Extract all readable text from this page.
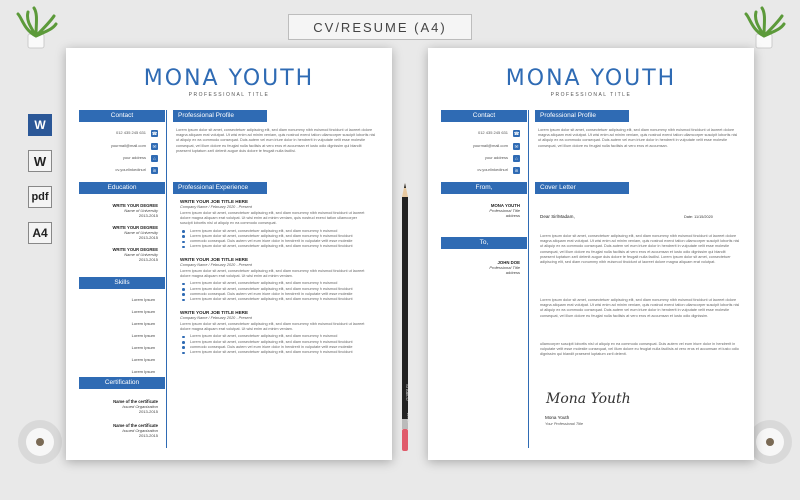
CV/RESUME (A4)
W
W
pdf
A4
MONA YOUTH
PROFESSIONAL TITLE
Contact	Professional Profile
012 435 245 631 ☎
yourmail@mail.com	✉
your address	⌂
cv.yourlinkedinurl	in
Lorem ipsum dolor sit amet, consectetuer adipiscing elit, sed diam nonummy nibh euismod tincidunt ut laoreet dolore magna aliquam erat volutpat. Ut wisi enim ad minim veniam, quis nostrud exerci tation ullamcorper suscipit lobortis nisl ut aliquip ex ea commodo consequat. Duis autem vel eum iriure dolor in hendrerit in vulputate velit esse molestie consequat, vel illum dolore eu feugiat nulla facilisis at vero eros et accumsan et iusto odio dignissim qui blandit praesent luptatum zzril delenit augue duis dolore te feugait nulla facilisi.
Education	Professional Experience
WRITE YOUR DEGREE
Name of University
2013-2015
WRITE YOUR DEGREE
Name of University
2013-2015
WRITE YOUR DEGREE
Name of University
2013-2015
Skills
Lorem Ipsum
Lorem Ipsum
Lorem Ipsum
Lorem Ipsum
Lorem Ipsum
Lorem Ipsum
Lorem Ipsum
Certification
Name of the certificate
Issued Organization
2013-2015
Name of the certificate
Issued Organization
2013-2015
WRITE YOUR JOB TITLE HERE
Company Name / February 2020 - Present
Lorem ipsum dolor sit amet, consectetuer adipiscing elit, sed diam nonummy nibh euismod tincidunt ut laoreet dolore magna aliquam erat volutpat. Ut wisi enim ad minim veniam, quis nostrud exerci tation ullamcorper suscipit lobortis nisl ut aliquip ex ea commodo consequat.
Lorem ipsum dolor sit amet, consectetuer adipiscing elit, sed diam nonummy h euismod
Lorem ipsum dolor sit amet, consectetuer adipiscing elit, sed diam nonummy h euismod tincidunt
commodo consequat. Duis autem vel eum iriure dolor in hendrerit in vulputate velit esse molestie
Lorem ipsum dolor sit amet, consectetuer adipiscing elit, sed diam nonummy h euismod tincidunt
WRITE YOUR JOB TITLE HERE
Company Name / February 2020 - Present
Lorem ipsum dolor sit amet, consectetuer adipiscing elit, sed diam nonummy nibh euismod tincidunt ut laoreet dolore magna aliquam erat volutpat. Ut wisi enim ad minim veniam.
Lorem ipsum dolor sit amet, consectetuer adipiscing elit, sed diam nonummy h euismod
Lorem ipsum dolor sit amet, consectetuer adipiscing elit, sed diam nonummy h euismod tincidunt
commodo consequat. Duis autem vel eum iriure dolor in hendrerit in vulputate velit esse molestie
Lorem ipsum dolor sit amet, consectetuer adipiscing elit, sed diam nonummy h euismod tincidunt
WRITE YOUR JOB TITLE HERE
Company Name / February 2020 - Present
Lorem ipsum dolor sit amet, consectetuer adipiscing elit, sed diam nonummy nibh euismod tincidunt ut laoreet dolore magna aliquam erat volutpat. Ut wisi enim ad minim veniam.
Lorem ipsum dolor sit amet, consectetuer adipiscing elit, sed diam nonummy h euismod
Lorem ipsum dolor sit amet, consectetuer adipiscing elit, sed diam nonummy h euismod tincidunt
commodo consequat. Duis autem vel eum iriure dolor in hendrerit in vulputate velit esse molestie
Lorem ipsum dolor sit amet, consectetuer adipiscing elit, sed diam nonummy h euismod tincidunt
MONA YOUTH
PROFESSIONAL TITLE
Contact	Professional Profile
012 435 245 631 ☎
yourmail@mail.com	✉
your address	⌂
cv.yourlinkedinurl	in
Lorem ipsum dolor sit amet, consectetuer adipiscing elit, sed diam nonummy nibh euismod tincidunt ut laoreet dolore magna aliquam erat volutpat. Ut wisi enim ad minim veniam, quis nostrud exerci tation ullamcorper suscipit lobortis nisl ut aliquip ex ea commodo consequat. Duis autem vel eum iriure dolor in hendrerit in vulputate velit esse molestie consequat, vel illum dolore eu feugiat nulla facilisis at vero eros et accumsan.
From,	Cover Letter
MONA YOUTH
Professional Title
address
To,
JOHN DOE
Professional Title
address
Dear Sir/Madam,	Date: 11/15/2020
Lorem ipsum dolor sit amet, consectetuer adipiscing elit, sed diam nonummy nibh euismod tincidunt ut laoreet dolore magna aliquam erat volutpat. Ut wisi enim ad minim veniam, quis nostrud exerci tation ullamcorper suscipit lobortis nisl ut aliquip ex ea commodo consequat. Duis autem vel eum iriure dolor in hendrerit in vulputate velit esse molestie consequat, vel illum dolore eu feugiat nulla facilisis at vero eros et accumsan et iusto odio dignissim qui blandit praesent luptatum zzril delenit augue duis dolore te feugait nulla facilisi. Lorem ipsum dolor sit amet, consectetuer adipiscing elit, sed diam nonummy nibh euismod tincidunt ut laoreet dolore magna aliquam erat volutpat.
Lorem ipsum dolor sit amet, consectetuer adipiscing elit, sed diam nonummy nibh euismod tincidunt ut laoreet dolore magna aliquam erat volutpat. Ut wisi enim ad minim veniam, quis nostrud exerci tation ullamcorper suscipit lobortis nisl ut aliquip ex ea commodo consequat. Duis autem vel eum iriure dolor in hendrerit in vulputate velit esse molestie consequat, vel illum dolore eu feugiat nulla facilisis at vero eros et accumsan et iusto odio dignissim.
ullamcorper suscipit lobortis nisl ut aliquip ex ea commodo consequat. Duis autem vel eum iriure dolor in hendrerit in vulputate velit esse molestie consequat, vel illum dolore eu feugiat nulla facilisis at vero eros et accumsan et iusto odio dignissim qui blandit praesent luptatum zzril delenit.
Mona Youth
Mona Youth
Your Professional Title
STABILO
2H 5K
